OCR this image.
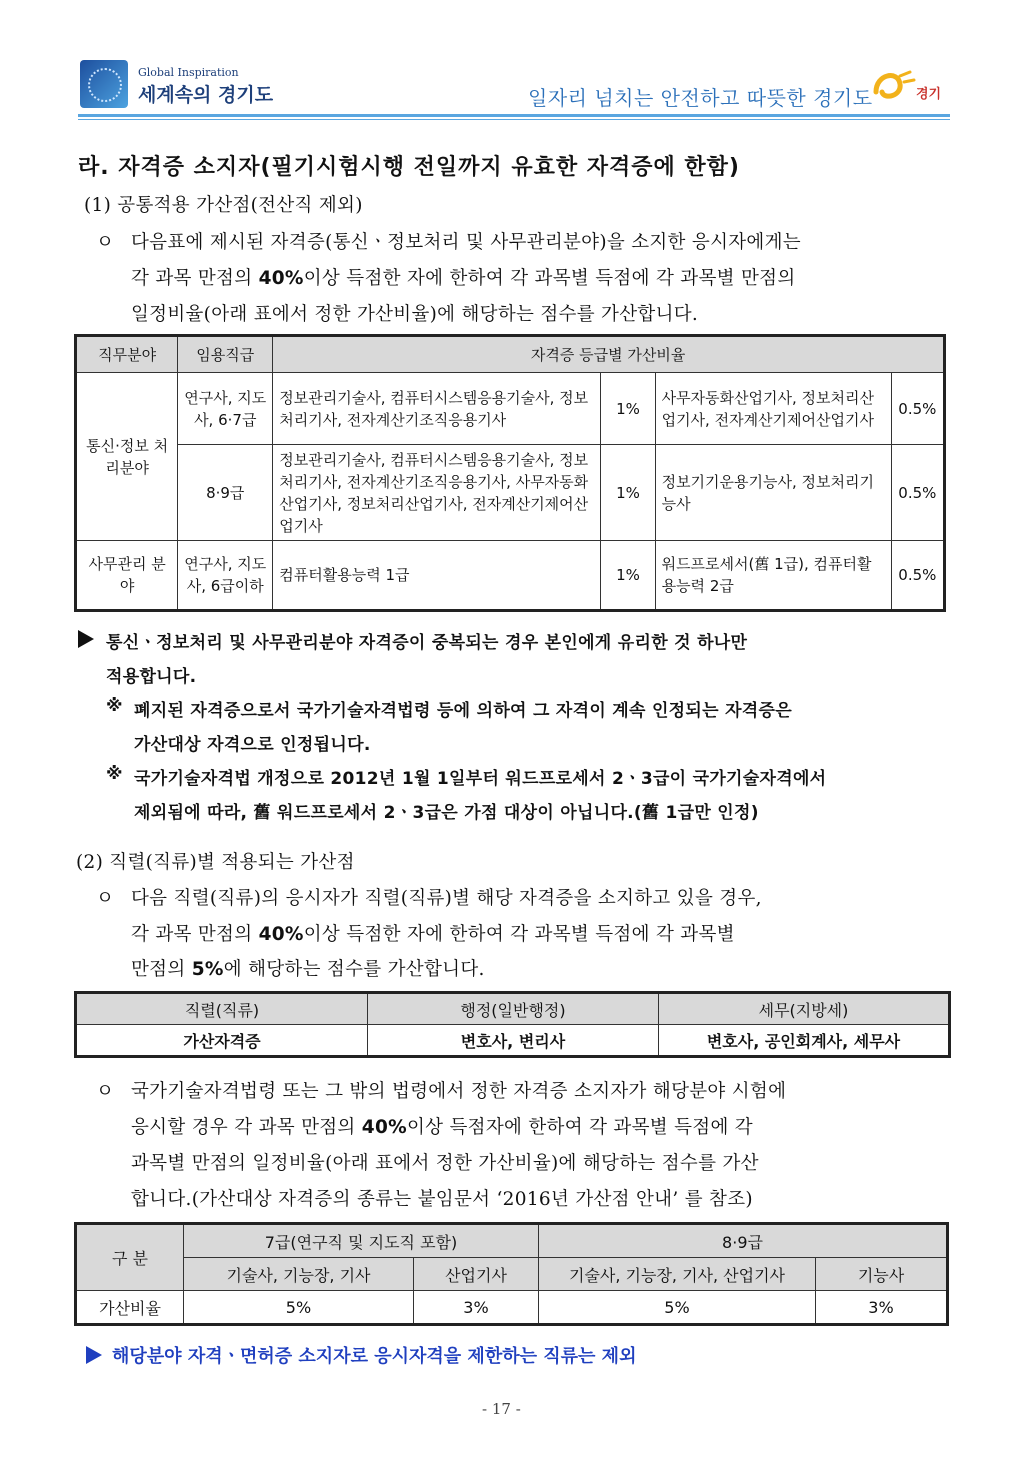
Global Inspiration
세계속의 경기도	일자리 넘치는 안전하고 따뜻한 경기도	경기
라. 자격증 소지자(필기시험시행 전일까지 유효한 자격증에 한함)
(1) 공통적용 가산점(전산직 제외)
ㅇ 다음표에 제시된 자격증(통신ㆍ정보처리 및 사무관리분야)을 소지한 응시자에게는
각 과목 만점의 40%이상 득점한 자에 한하여 각 과목별 득점에 각 과목별 만점의
일정비율(아래 표에서 정한 가산비율)에 해당하는 점수를 가산합니다.
직무분야	임용직급	자격증 등급별 가산비율			
통신·정보 처리분야	연구사, 지도사, 6·7급	정보관리기술사, 컴퓨터시스템응용기술사, 정보처리기사, 전자계산기조직응용기사	1%	사무자동화산업기사, 정보처리산업기사, 전자계산기제어산업기사	0.5%
	8·9급	정보관리기술사, 컴퓨터시스템응용기술사, 정보처리기사, 전자계산기조직응용기사, 사무자동화산업기사, 정보처리산업기사, 전자계산기제어산업기사	1%	정보기기운용기능사, 정보처리기능사	0.5%
사무관리 분 야	연구사, 지도사, 6급이하	컴퓨터활용능력 1급	1%	워드프로세서(舊 1급), 컴퓨터활용능력 2급	0.5%
통신ㆍ정보처리 및 사무관리분야 자격증이 중복되는 경우 본인에게 유리한 것 하나만
적용합니다.
※ 폐지된 자격증으로서 국가기술자격법령 등에 의하여 그 자격이 계속 인정되는 자격증은
가산대상 자격으로 인정됩니다.
※ 국가기술자격법 개정으로 2012년 1월 1일부터 워드프로세서 2ㆍ3급이 국가기술자격에서
제외됨에 따라, 舊 워드프로세서 2ㆍ3급은 가점 대상이 아닙니다.(舊 1급만 인정)
(2) 직렬(직류)별 적용되는 가산점
ㅇ 다음 직렬(직류)의 응시자가 직렬(직류)별 해당 자격증을 소지하고 있을 경우,
각 과목 만점의 40%이상 득점한 자에 한하여 각 과목별 득점에 각 과목별
만점의 5%에 해당하는 점수를 가산합니다.
직렬(직류)	행정(일반행정)	세무(지방세)
가산자격증	변호사, 변리사	변호사, 공인회계사, 세무사
ㅇ 국가기술자격법령 또는 그 밖의 법령에서 정한 자격증 소지자가 해당분야 시험에
응시할 경우 각 과목 만점의 40%이상 득점자에 한하여 각 과목별 득점에 각
과목별 만점의 일정비율(아래 표에서 정한 가산비율)에 해당하는 점수를 가산
합니다.(가산대상 자격증의 종류는 붙임문서 ‘2016년 가산점 안내’ 를 참조)
구 분	7급(연구직 및 지도직 포함)		8·9급	
	기술사, 기능장, 기사	산업기사	기술사, 기능장, 기사, 산업기사	기능사
가산비율	5%	3%	5%	3%
해당분야 자격ㆍ면허증 소지자로 응시자격을 제한하는 직류는 제외
- 17 -
